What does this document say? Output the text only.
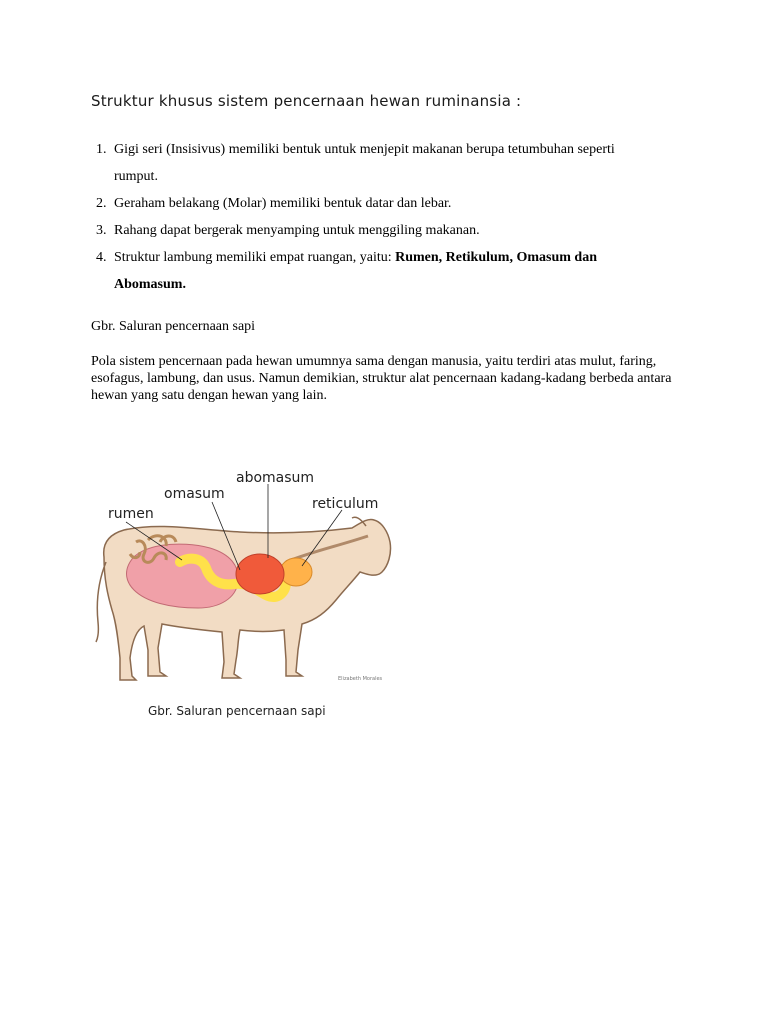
Struktur khusus sistem pencernaan hewan ruminansia :
1. Gigi seri (Insisivus) memiliki bentuk untuk menjepit makanan berupa tetumbuhan seperti
rumput.
2. Geraham belakang (Molar) memiliki bentuk datar dan lebar.
3. Rahang dapat bergerak menyamping untuk menggiling makanan.
4. Struktur lambung memiliki empat ruangan, yaitu: Rumen, Retikulum, Omasum dan
Abomasum.
Gbr. Saluran pencernaan sapi
Pola sistem pencernaan pada hewan umumnya sama dengan manusia, yaitu terdiri atas mulut, faring, esofagus, lambung, dan usus. Namun demikian, struktur alat pencernaan kadang-kadang berbeda antara hewan yang satu dengan hewan yang lain.
rumen
omasum
abomasum
reticulum
Elizabeth Morales
Gbr. Saluran pencernaan sapi
